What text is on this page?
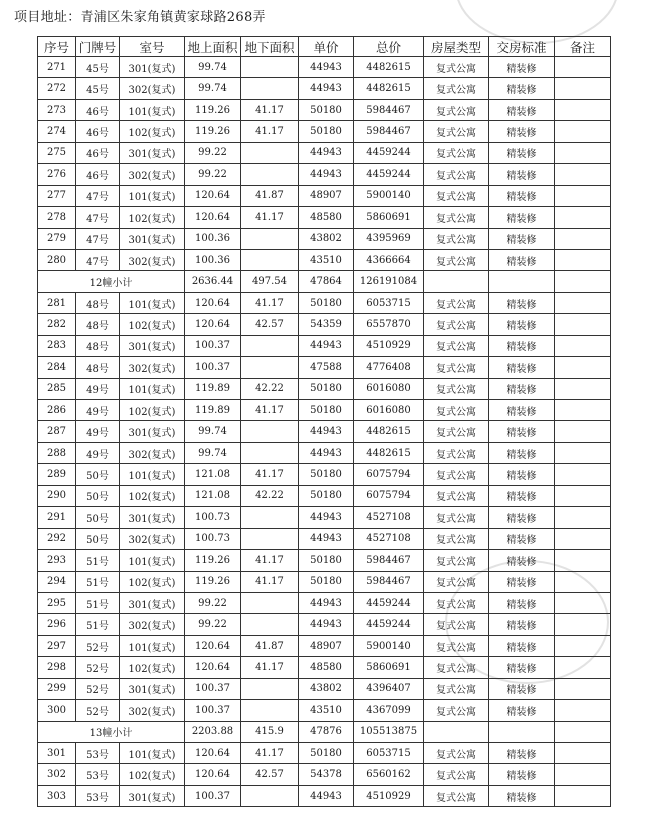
项目地址：青浦区朱家角镇黄家球路268弄
序号	门牌号	室号	地上面积	地下面积	单价	总价	房屋类型	交房标准	备注
271	45号	301(复式)	99.74		44943	4482615	复式公寓	精装修	
272	45号	302(复式)	99.74		44943	4482615	复式公寓	精装修	
273	46号	101(复式)	119.26	41.17	50180	5984467	复式公寓	精装修	
274	46号	102(复式)	119.26	41.17	50180	5984467	复式公寓	精装修	
275	46号	301(复式)	99.22		44943	4459244	复式公寓	精装修	
276	46号	302(复式)	99.22		44943	4459244	复式公寓	精装修	
277	47号	101(复式)	120.64	41.87	48907	5900140	复式公寓	精装修	
278	47号	102(复式)	120.64	41.17	48580	5860691	复式公寓	精装修	
279	47号	301(复式)	100.36		43802	4395969	复式公寓	精装修	
280	47号	302(复式)	100.36		43510	4366664	复式公寓	精装修	
12幢小计			2636.44	497.54	47864	126191084			
281	48号	101(复式)	120.64	41.17	50180	6053715	复式公寓	精装修	
282	48号	102(复式)	120.64	42.57	54359	6557870	复式公寓	精装修	
283	48号	301(复式)	100.37		44943	4510929	复式公寓	精装修	
284	48号	302(复式)	100.37		47588	4776408	复式公寓	精装修	
285	49号	101(复式)	119.89	42.22	50180	6016080	复式公寓	精装修	
286	49号	102(复式)	119.89	41.17	50180	6016080	复式公寓	精装修	
287	49号	301(复式)	99.74		44943	4482615	复式公寓	精装修	
288	49号	302(复式)	99.74		44943	4482615	复式公寓	精装修	
289	50号	101(复式)	121.08	41.17	50180	6075794	复式公寓	精装修	
290	50号	102(复式)	121.08	42.22	50180	6075794	复式公寓	精装修	
291	50号	301(复式)	100.73		44943	4527108	复式公寓	精装修	
292	50号	302(复式)	100.73		44943	4527108	复式公寓	精装修	
293	51号	101(复式)	119.26	41.17	50180	5984467	复式公寓	精装修	
294	51号	102(复式)	119.26	41.17	50180	5984467	复式公寓	精装修	
295	51号	301(复式)	99.22		44943	4459244	复式公寓	精装修	
296	51号	302(复式)	99.22		44943	4459244	复式公寓	精装修	
297	52号	101(复式)	120.64	41.87	48907	5900140	复式公寓	精装修	
298	52号	102(复式)	120.64	41.17	48580	5860691	复式公寓	精装修	
299	52号	301(复式)	100.37		43802	4396407	复式公寓	精装修	
300	52号	302(复式)	100.37		43510	4367099	复式公寓	精装修	
13幢小计			2203.88	415.9	47876	105513875			
301	53号	101(复式)	120.64	41.17	50180	6053715	复式公寓	精装修	
302	53号	102(复式)	120.64	42.57	54378	6560162	复式公寓	精装修	
303	53号	301(复式)	100.37		44943	4510929	复式公寓	精装修	
